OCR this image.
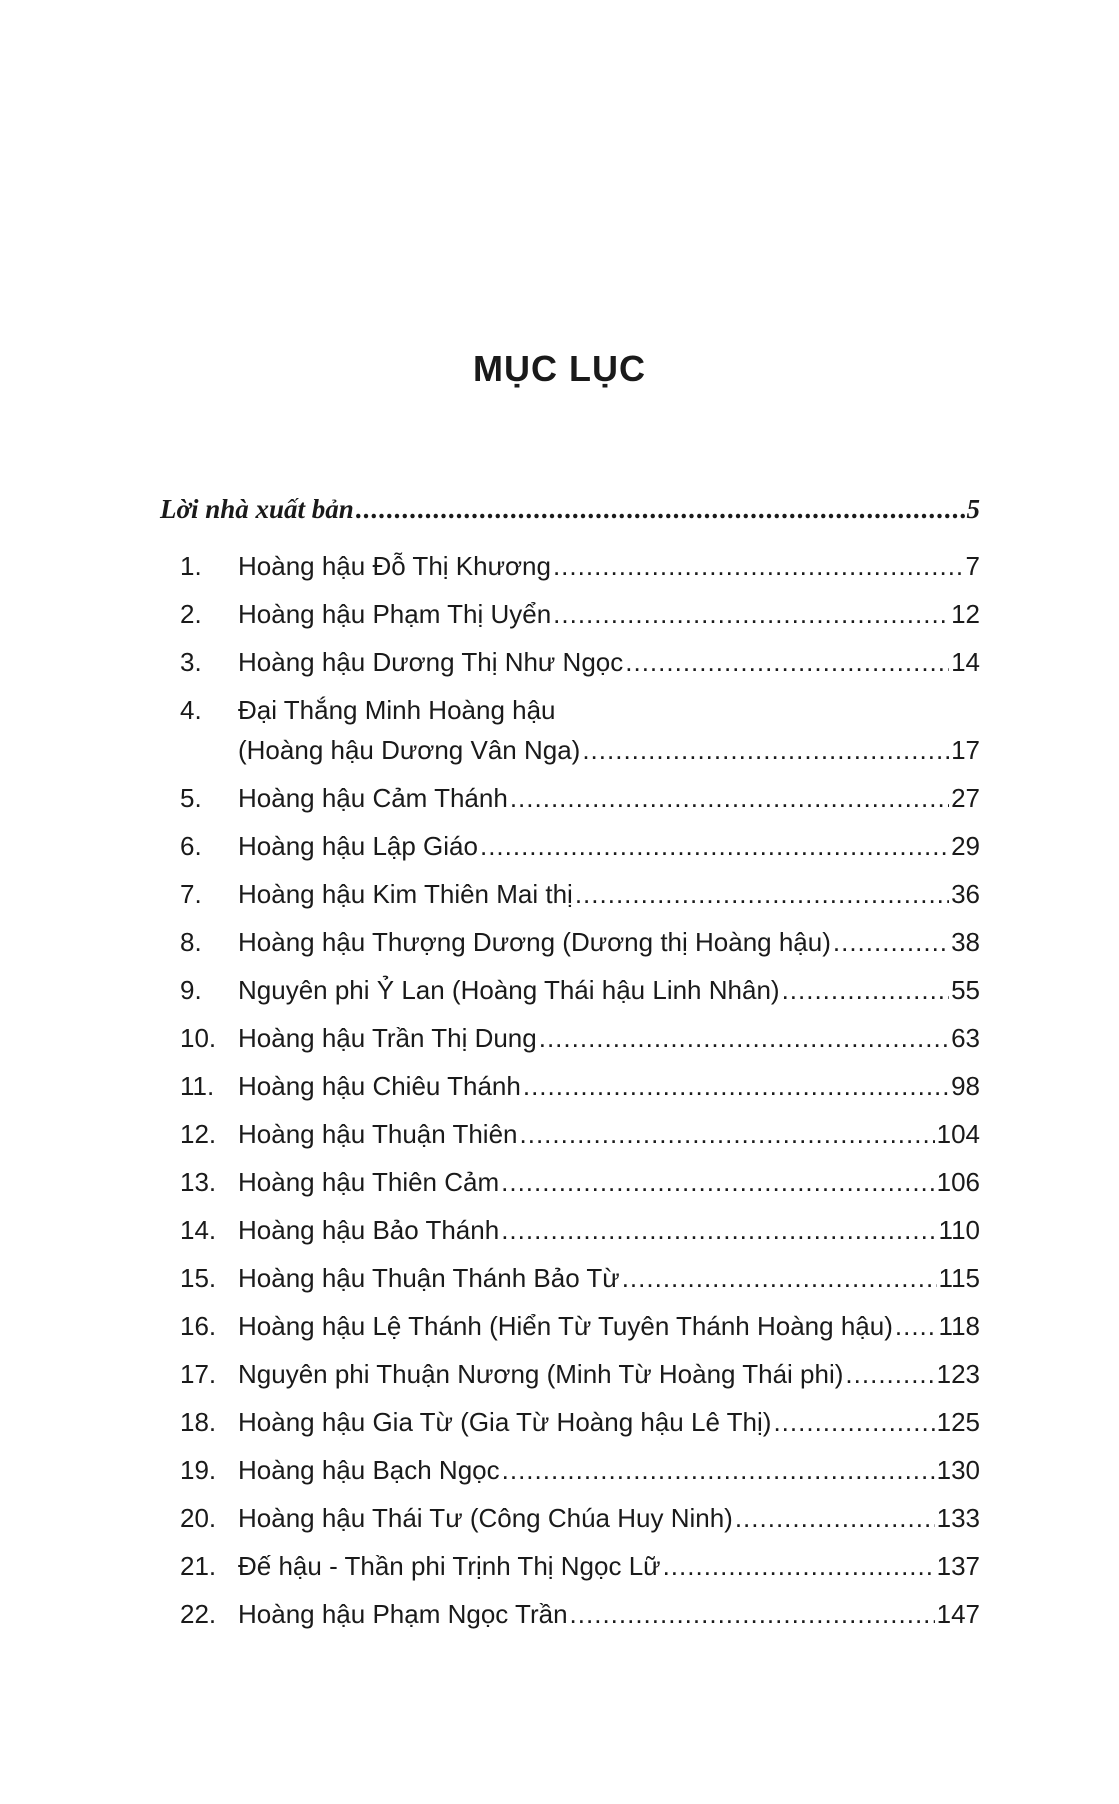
MỤC LỤC
Lời nhà xuất bản .....	5
1.	Hoàng hậu Đỗ Thị Khương .....	7
2.	Hoàng hậu Phạm Thị Uyển .....	12
3.	Hoàng hậu Dương Thị Như Ngọc .....	14
4.	Đại Thắng Minh Hoàng hậu
(Hoàng hậu Dương Vân Nga) .....	17
5.	Hoàng hậu Cảm Thánh .....	27
6.	Hoàng hậu Lập Giáo .....	29
7.	Hoàng hậu Kim Thiên Mai thị .....	36
8.	Hoàng hậu Thượng Dương (Dương thị Hoàng hậu) .....	38
9.	Nguyên phi Ỷ Lan (Hoàng Thái hậu Linh Nhân) .....	55
10. Hoàng hậu Trần Thị Dung .....	63
11. Hoàng hậu Chiêu Thánh .....	98
12. Hoàng hậu Thuận Thiên .....	104
13. Hoàng hậu Thiên Cảm .....	106
14. Hoàng hậu Bảo Thánh .....	110
15. Hoàng hậu Thuận Thánh Bảo Từ .....	115
16. Hoàng hậu Lệ Thánh (Hiển Từ Tuyên Thánh Hoàng hậu) ..... 118
17. Nguyên phi Thuận Nương (Minh Từ Hoàng Thái phi) .....	123
18. Hoàng hậu Gia Từ (Gia Từ Hoàng hậu Lê Thị) .....	125
19. Hoàng hậu Bạch Ngọc .....	130
20. Hoàng hậu Thái Tư (Công Chúa Huy Ninh) .....	133
21. Đế hậu - Thần phi Trịnh Thị Ngọc Lữ .....	137
22. Hoàng hậu Phạm Ngọc Trần .....	147
